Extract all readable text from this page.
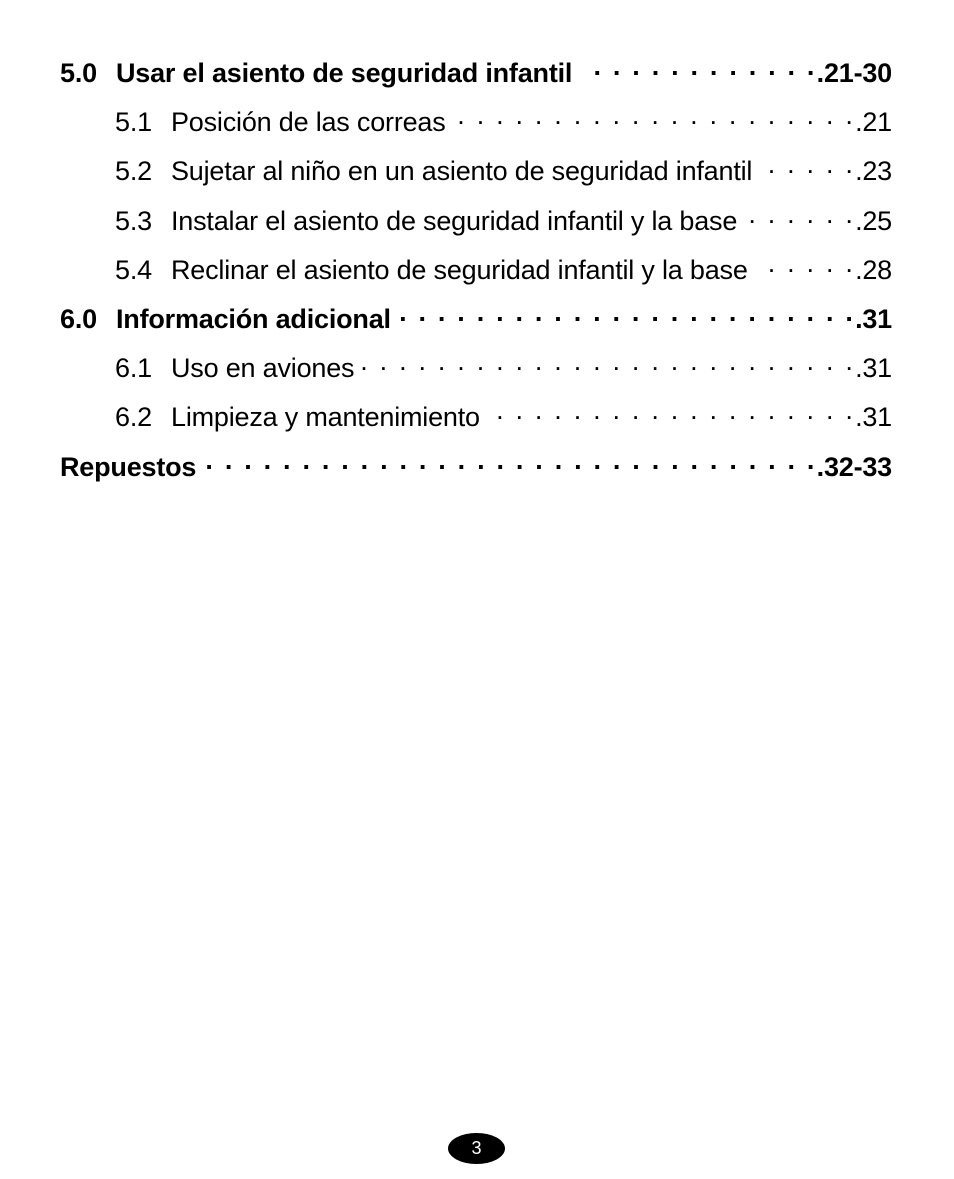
5.0 Usar el asiento de seguridad infantil . . .	.21-30
5.1 Posición de las correas . . .	.21
5.2 Sujetar al niño en un asiento de seguridad infantil . . .	.23
5.3 Instalar el asiento de seguridad infantil y la base . . .	.25
5.4 Reclinar el asiento de seguridad infantil y la base . . .	.28
6.0 Información adicional . . .	.31
6.1 Uso en aviones . . .	.31
6.2 Limpieza y mantenimiento . . .	.31
Repuestos . . .	.32-33
3
